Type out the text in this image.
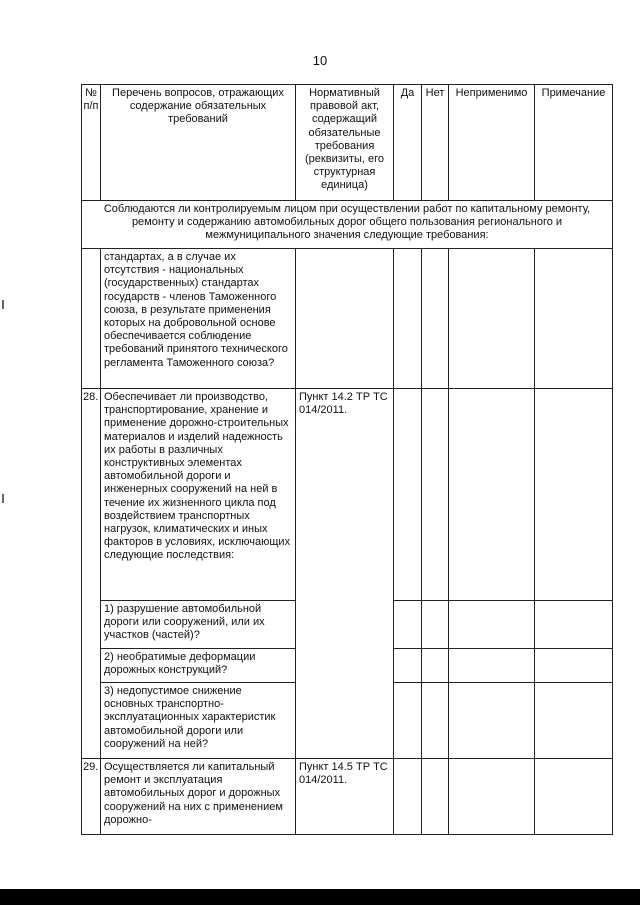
10
№ п/п	Перечень вопросов, отражающих содержание обязательных требований	Нормативный правовой акт, содержащий обязательные требования (реквизиты, его структурная единица)	Да	Нет	Неприменимо	Примечание
Соблюдаются ли контролируемым лицом при осуществлении работ по капитальному ремонту, ремонту и содержанию автомобильных дорог общего пользования регионального и межмуниципального значения следующие требования:						
	стандартах, а в случае их отсутствия - национальных (государственных) стандартах государств - членов Таможенного союза, в результате применения которых на добровольной основе обеспечивается соблюдение требований принятого технического регламента Таможенного союза?					
28.	Обеспечивает ли производство, транспортирование, хранение и применение дорожно-строительных материалов и изделий надежность их работы в различных конструктивных элементах автомобильной дороги и инженерных сооружений на ней в течение их жизненного цикла под воздействием транспортных нагрузок, климатических и иных факторов в условиях, исключающих следующие последствия:	Пункт 14.2 ТР ТС 014/2011.				
	1) разрушение автомобильной дороги или сооружений, или их участков (частей)?					
	2) необратимые деформации дорожных конструкций?					
	3) недопустимое снижение основных транспортно-эксплуатационных характеристик автомобильной дороги или сооружений на ней?					
29.	Осуществляется ли капитальный ремонт и эксплуатация автомобильных дорог и дорожных сооружений на них с применением дорожно-	Пункт 14.5 ТР ТС 014/2011.				
